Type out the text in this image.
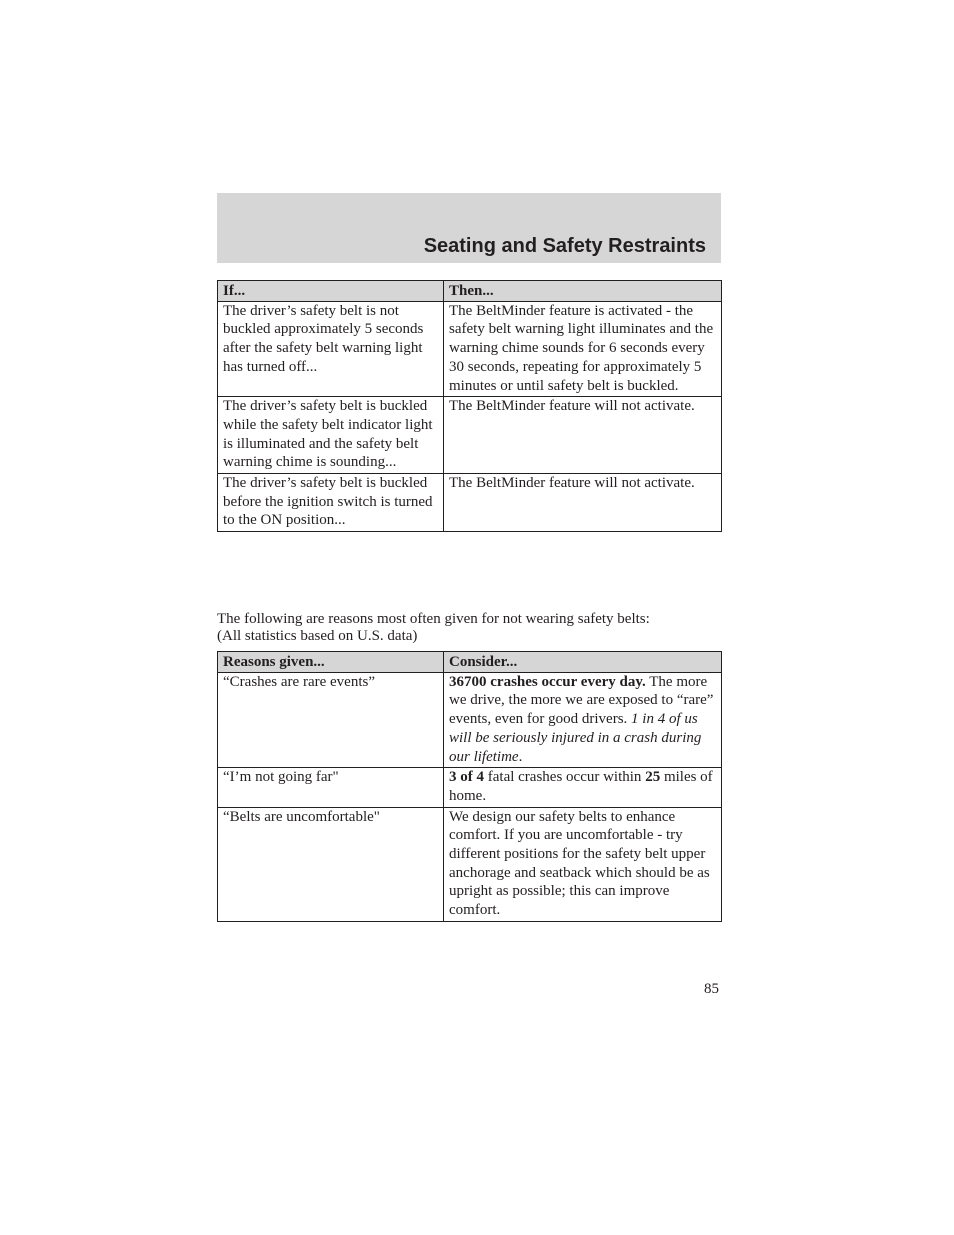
Seating and Safety Restraints
If...	Then...
The driver’s safety belt is not buckled approximately 5 seconds after the safety belt warning light has turned off...	The BeltMinder feature is activated - the safety belt warning light illuminates and the warning chime sounds for 6 seconds every 30 seconds, repeating for approximately 5 minutes or until safety belt is buckled.
The driver’s safety belt is buckled while the safety belt indicator light is illuminated and the safety belt warning chime is sounding...	The BeltMinder feature will not activate.
The driver’s safety belt is buckled before the ignition switch is turned to the ON position...	The BeltMinder feature will not activate.

The following are reasons most often given for not wearing safety belts:
(All statistics based on U.S. data)

Reasons given...	Consider...
“Crashes are rare events”	36700 crashes occur every day. The more we drive, the more we are exposed to “rare” events, even for good drivers. 1 in 4 of us will be seriously injured in a crash during our lifetime.
“I’m not going far"	3 of 4 fatal crashes occur within 25 miles of home.
“Belts are uncomfortable"	We design our safety belts to enhance comfort. If you are uncomfortable - try different positions for the safety belt upper anchorage and seatback which should be as upright as possible; this can improve comfort.

85
